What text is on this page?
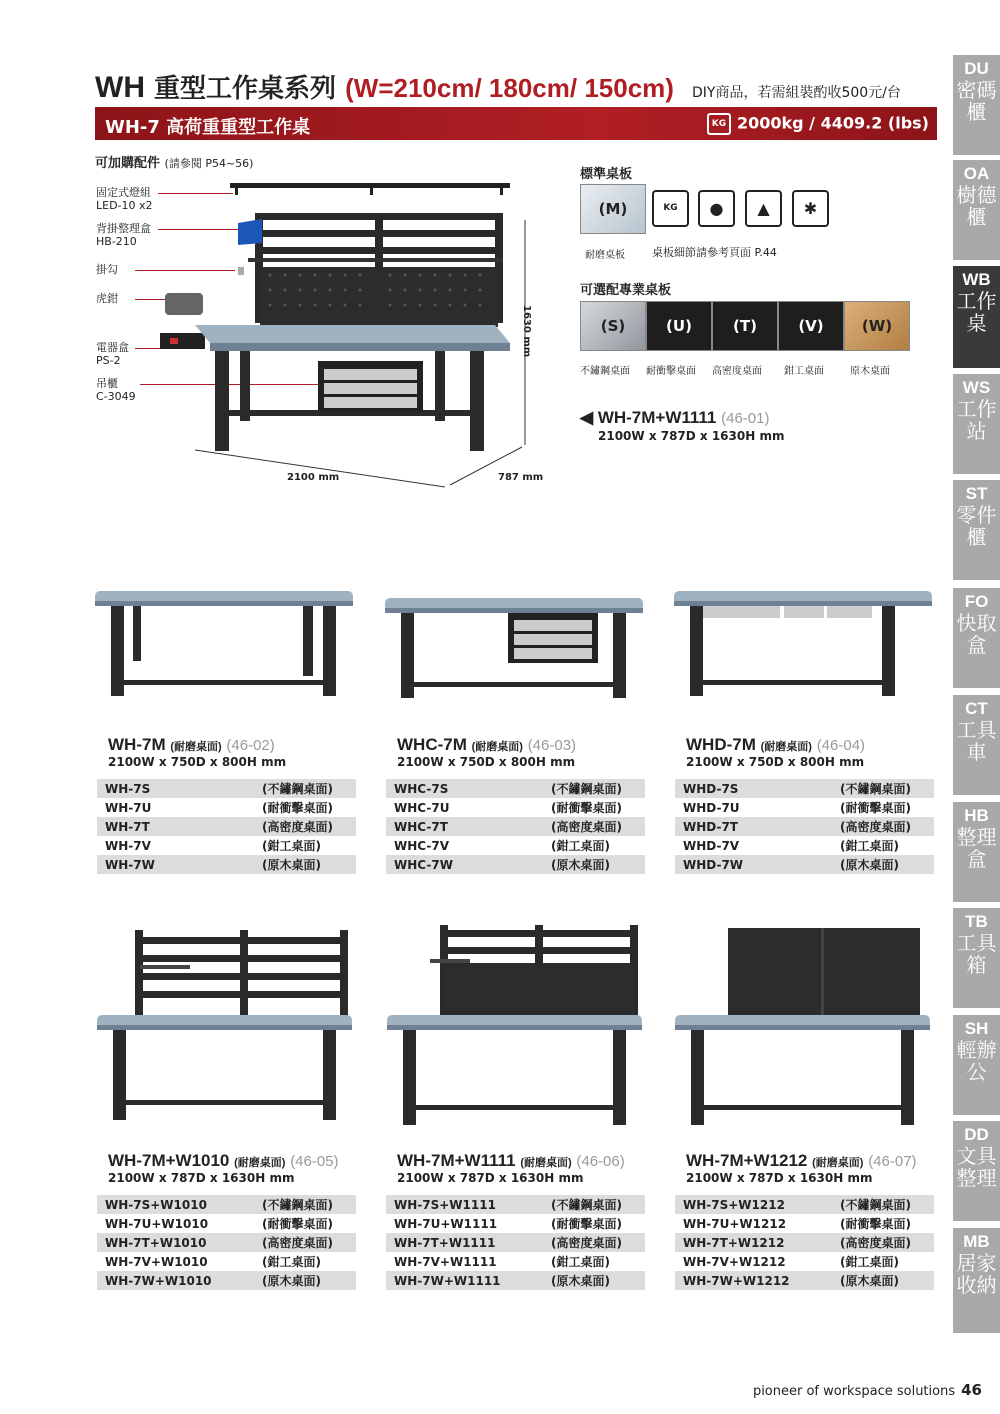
WH 重型工作桌系列 (W=210cm/ 180cm/ 150cm) DIY商品，若需組裝酌收500元/台
WH-7 高荷重重型工作桌	KG 2000kg / 4409.2 (lbs)
可加購配件 (請參閱 P54~56)
固定式燈組
LED-10 x2
背掛整理盒
HB-210
掛勾
虎鉗
電器盒
PS-2
吊櫃
C-3049
1630 mm
2100 mm	787 mm
標準桌板
(M)
耐磨桌板
KG	●	▲	✱
桌板細節請參考頁面 P.44
可選配專業桌板
(S)	(U)	(T)	(V)	(W)
不鏽鋼桌面 耐衝擊桌面 高密度桌面 鉗工桌面	原木桌面
◀ WH-7M+W1111 (46-01)
2100W x 787D x 1630H mm
WH-7M (耐磨桌面) (46-02)
2100W x 750D x 800H mm
WH-7S	(不鏽鋼桌面)
WH-7U	(耐衝擊桌面)
WH-7T	(高密度桌面)
WH-7V	(鉗工桌面)
WH-7W	(原木桌面)
WHC-7M (耐磨桌面) (46-03)
2100W x 750D x 800H mm
WHC-7S	(不鏽鋼桌面)
WHC-7U	(耐衝擊桌面)
WHC-7T	(高密度桌面)
WHC-7V	(鉗工桌面)
WHC-7W	(原木桌面)
WHD-7M (耐磨桌面) (46-04)
2100W x 750D x 800H mm
WHD-7S	(不鏽鋼桌面)
WHD-7U	(耐衝擊桌面)
WHD-7T	(高密度桌面)
WHD-7V	(鉗工桌面)
WHD-7W	(原木桌面)
WH-7M+W1010 (耐磨桌面) (46-05)
2100W x 787D x 1630H mm
WH-7S+W1010	(不鏽鋼桌面)
WH-7U+W1010	(耐衝擊桌面)
WH-7T+W1010	(高密度桌面)
WH-7V+W1010	(鉗工桌面)
WH-7W+W1010	(原木桌面)
WH-7M+W1111 (耐磨桌面) (46-06)
2100W x 787D x 1630H mm
WH-7S+W1111	(不鏽鋼桌面)
WH-7U+W1111	(耐衝擊桌面)
WH-7T+W1111	(高密度桌面)
WH-7V+W1111	(鉗工桌面)
WH-7W+W1111	(原木桌面)
WH-7M+W1212 (耐磨桌面) (46-07)
2100W x 787D x 1630H mm
WH-7S+W1212	(不鏽鋼桌面)
WH-7U+W1212	(耐衝擊桌面)
WH-7T+W1212	(高密度桌面)
WH-7V+W1212	(鉗工桌面)
WH-7W+W1212	(原木桌面)
DU
密碼櫃
OA
樹德櫃
WB
工作桌
WS
工作站
ST
零件櫃
FO
快取盒
CT
工具車
HB
整理盒
TB
工具箱
SH
輕辦公
DD
文具整理
MB
居家收納
pioneer of workspace solutions 46
